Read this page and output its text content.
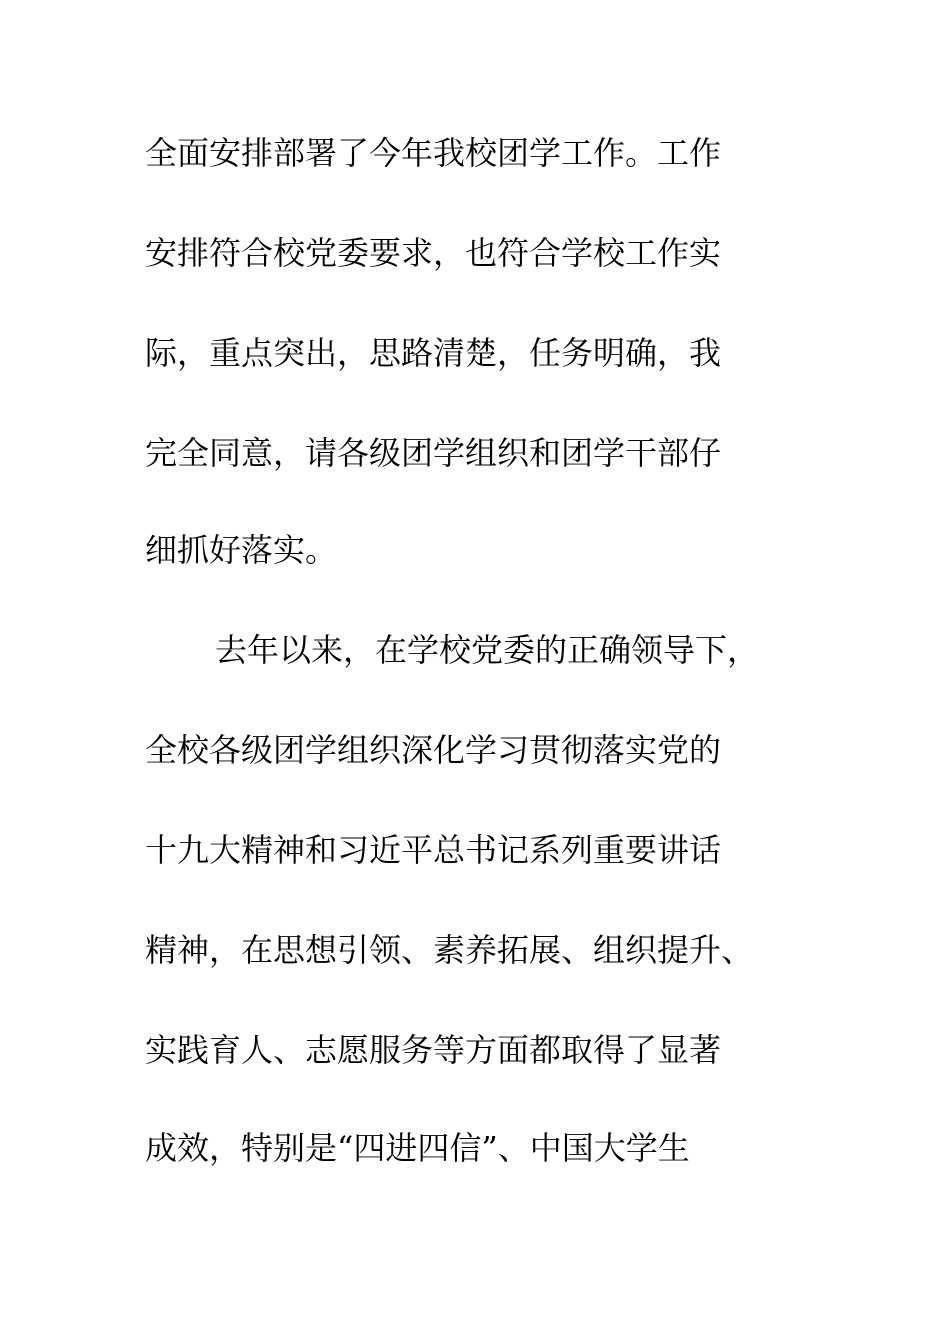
全面安排部署了今年我校团学工作。工作
安排符合校党委要求，也符合学校工作实
际，重点突出，思路清楚，任务明确，我
完全同意，请各级团学组织和团学干部仔
细抓好落实。
去年以来，在学校党委的正确领导下，
全校各级团学组织深化学习贯彻落实党的
十九大精神和习近平总书记系列重要讲话
精神，在思想引领、素养拓展、组织提升、
实践育人、志愿服务等方面都取得了显著
成效，特别是“四进四信”、中国大学生
